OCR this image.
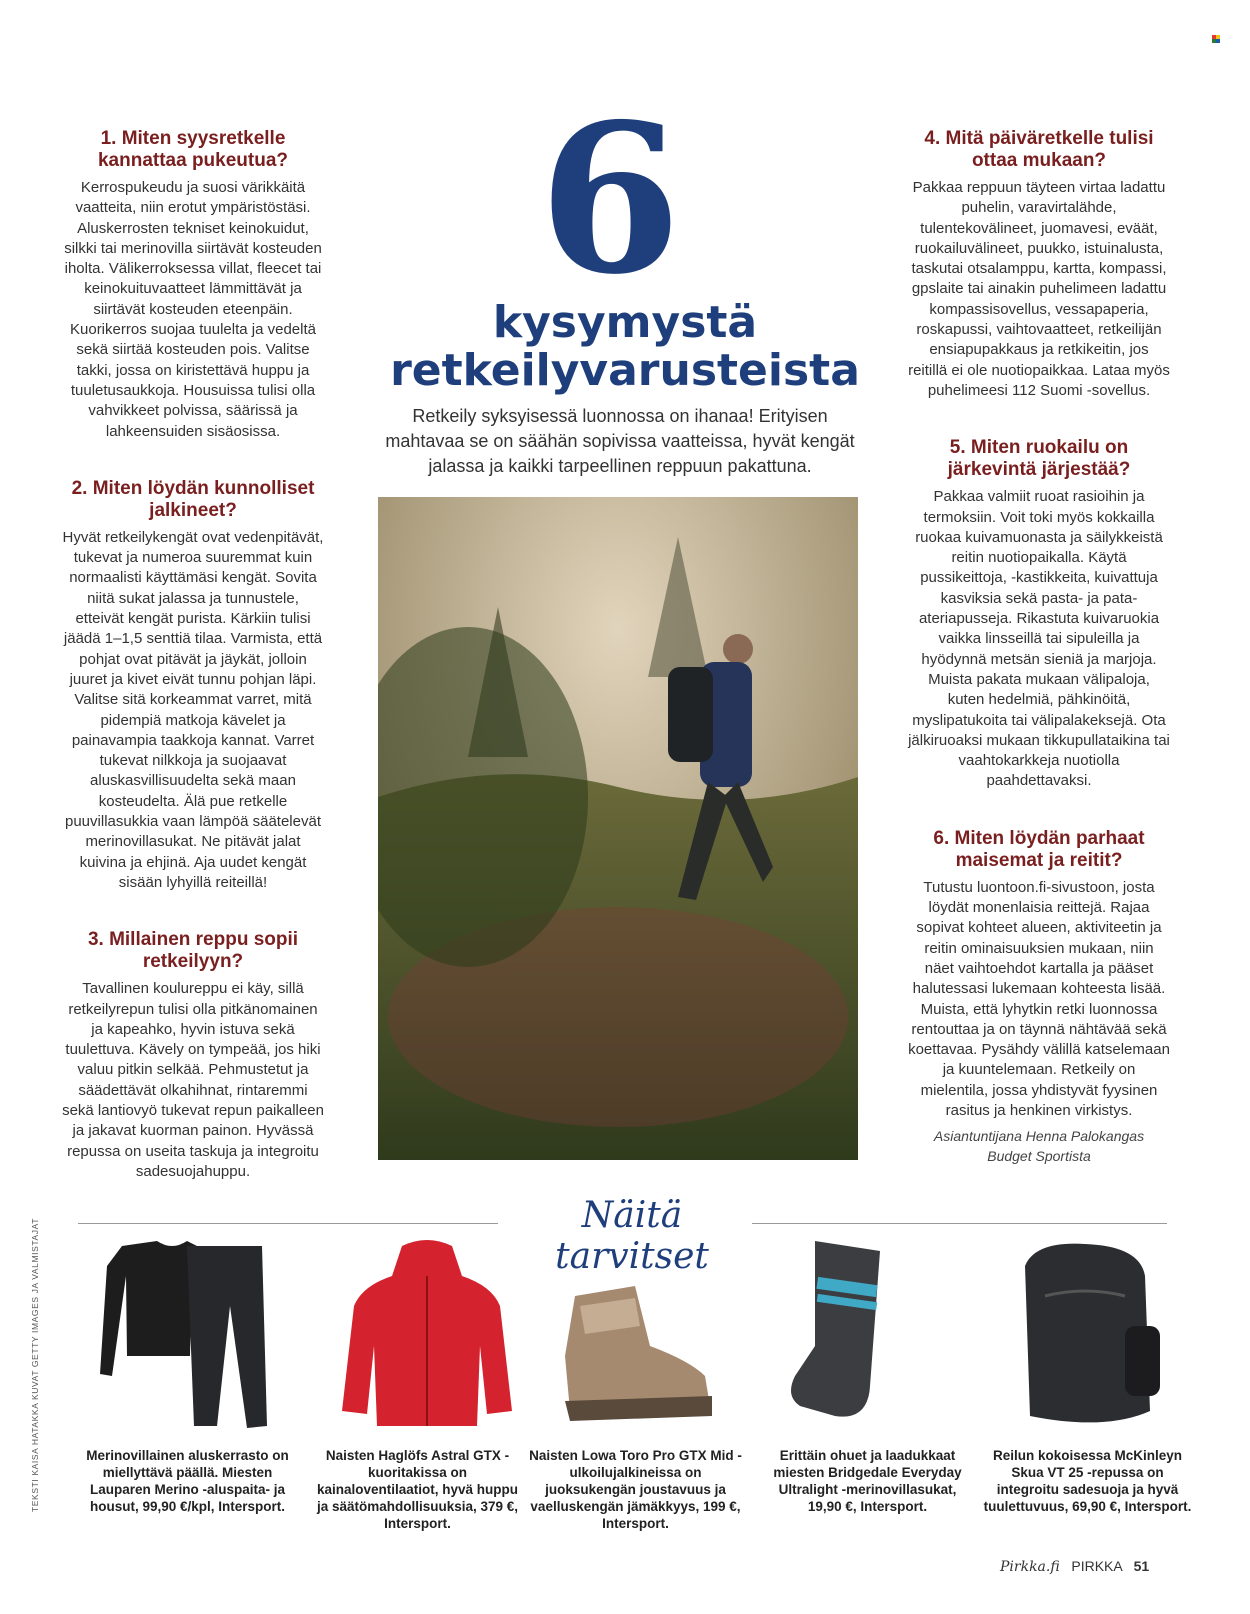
1. Miten syysretkelle kannattaa pukeutua?

Kerrospukeudu ja suosi värikkäitä vaatteita, niin erotut ympäristöstäsi. Aluskerrosten tekniset keinokuidut, silkki tai merinovilla siirtävät kosteuden iholta. Välikerroksessa villat, fleecet tai keinokuituvaatteet lämmittävät ja siirtävät kosteuden eteenpäin. Kuorikerros suojaa tuulelta ja vedeltä sekä siirtää kosteuden pois. Valitse takki, jossa on kiristettävä huppu ja tuuletusaukkoja. Housuissa tulisi olla vahvikkeet polvissa, säärissä ja lahkeensuiden sisäosissa.

2. Miten löydän kunnolliset jalkineet?

Hyvät retkeilykengät ovat vedenpitävät, tukevat ja numeroa suuremmat kuin normaalisti käyttämäsi kengät. Sovita niitä sukat jalassa ja tunnustele, etteivät kengät purista. Kärkiin tulisi jäädä 1–1,5 senttiä tilaa. Varmista, että pohjat ovat pitävät ja jäykät, jolloin juuret ja kivet eivät tunnu pohjan läpi. Valitse sitä korkeammat varret, mitä pidempiä matkoja kävelet ja painavampia taakkoja kannat. Varret tukevat nilkkoja ja suojaavat aluskasvillisuudelta sekä maan kosteudelta. Älä pue retkelle puuvillasukkia vaan lämpöä säätelevät merinovillasukat. Ne pitävät jalat kuivina ja ehjinä. Aja uudet kengät sisään lyhyillä reiteillä!

3. Millainen reppu sopii retkeilyyn?

Tavallinen koulureppu ei käy, sillä retkeilyrepun tulisi olla pitkänomainen ja kapeahko, hyvin istuva sekä tuulettuva. Kävely on tympeää, jos hiki valuu pitkin selkää. Pehmustetut ja säädettävät olkahihnat, rintaremmi sekä lantiovyö tukevat repun paikalleen ja jakavat kuorman painon. Hyvässä repussa on useita taskuja ja integroitu sadesuojahuppu.

6
kysymystä
retkeilyvarusteista
Retkeily syksyisessä luonnossa on ihanaa! Erityisen mahtavaa se on säähän sopivissa vaatteissa, hyvät kengät jalassa ja kaikki tarpeellinen reppuun pakattuna.
4. Mitä päiväretkelle tulisi ottaa mukaan?

Pakkaa reppuun täyteen virtaa ladattu puhelin, varavirtalähde, tulentekovälineet, juomavesi, eväät, ruokailuvälineet, puukko, istuinalusta, taskutai otsalamppu, kartta, kompassi, gpslaite tai ainakin puhelimeen ladattu kompassisovellus, vessapaperia, roskapussi, vaihtovaatteet, retkeilijän ensiapupakkaus ja retkikeitin, jos reitillä ei ole nuotiopaikkaa. Lataa myös puhelimeesi 112 Suomi -sovellus.

5. Miten ruokailu on järkevintä järjestää?

Pakkaa valmiit ruoat rasioihin ja termoksiin. Voit toki myös kokkailla ruokaa kuivamuonasta ja säilykkeistä reitin nuotiopaikalla. Käytä pussikeittoja, -kastikkeita, kuivattuja kasviksia sekä pasta- ja pata-ateriapusseja. Rikastuta kuivaruokia vaikka linsseillä tai sipuleilla ja hyödynnä metsän sieniä ja marjoja. Muista pakata mukaan välipaloja, kuten hedelmiä, pähkinöitä, myslipatukoita tai välipalakeksejä. Ota jälkiruoaksi mukaan tikkupullataikina tai vaahtokarkkeja nuotiolla paahdettavaksi.

6. Miten löydän parhaat maisemat ja reitit?

Tutustu luontoon.fi-sivustoon, josta löydät monenlaisia reittejä. Rajaa sopivat kohteet alueen, aktiviteetin ja reitin ominaisuuksien mukaan, niin näet vaihtoehdot kartalla ja pääset halutessasi lukemaan kohteesta lisää. Muista, että lyhytkin retki luonnossa rentouttaa ja on täynnä nähtävää sekä koettavaa. Pysähdy välillä katselemaan ja kuuntelemaan. Retkeily on mielentila, jossa yhdistyvät fyysinen rasitus ja henkinen virkistys.

Asiantuntijana Henna Palokangas
Budget Sportista
TEKSTI KAISA HATAKKA KUVAT GETTY IMAGES JA VALMISTAJAT
Näitä tarvitset
Merinovillainen aluskerrasto on miellyttävä päällä. Miesten Lauparen Merino -aluspaita- ja housut, 99,90 €/kpl, Intersport.
Naisten Haglöfs Astral GTX -kuoritakissa on kainaloventilaatiot, hyvä huppu ja säätömahdollisuuksia, 379 €, Intersport.
Naisten Lowa Toro Pro GTX Mid -ulkoilujalkineissa on juoksukengän joustavuus ja vaelluskengän jämäkkyys, 199 €, Intersport.
Erittäin ohuet ja laadukkaat miesten Bridgedale Everyday Ultralight -merinovillasukat, 19,90 €, Intersport.
Reilun kokoisessa McKinleyn Skua VT 25 -repussa on integroitu sadesuoja ja hyvä tuulettuvuus, 69,90 €, Intersport.
Pirkka.fi PIRKKA 51
